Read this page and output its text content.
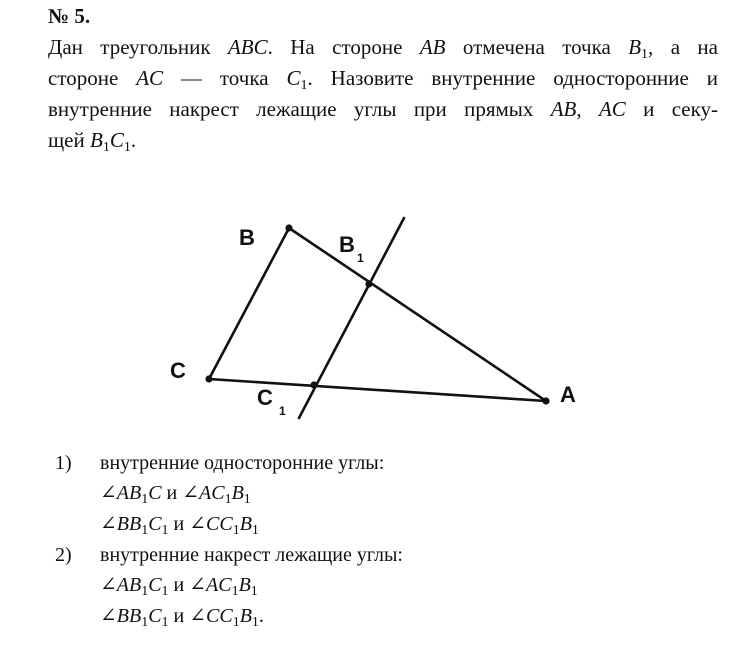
№ 5.
Дан треугольник ABC. На стороне AB отмечена точка $B_1$, а на
стороне AC — точка $C_1$. Назовите внутренние односторонние и
внутренние накрест лежащие углы при прямых AB, AC и секу-
щей $B_1C_1$.
B	B
1
C
C
1
A
1) внутренние односторонние углы:
$\angle AB_1C$ и $\angle AC_1B_1$
$\angle BB_1C_1$ и $\angle CC_1B_1$
2) внутренние накрест лежащие углы:
$\angle AB_1C_1$ и $\angle AC_1B_1$
$\angle BB_1C_1$ и $\angle CC_1B_1$.
